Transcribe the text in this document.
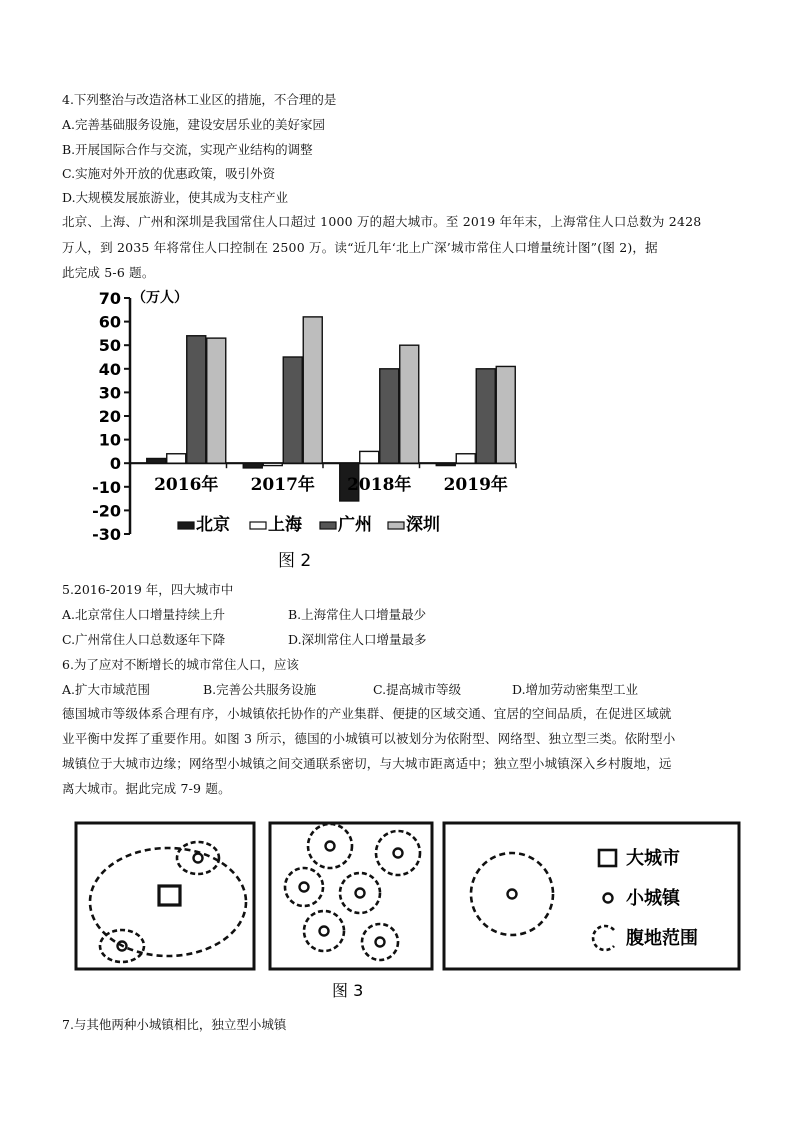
4.下列整治与改造洛林工业区的措施，不合理的是
A.完善基础服务设施，建设安居乐业的美好家园
B.开展国际合作与交流，实现产业结构的调整
C.实施对外开放的优惠政策，吸引外资
D.大规模发展旅游业，使其成为支柱产业
北京、上海、广州和深圳是我国常住人口超过 1000 万的超大城市。至 2019 年年末，上海常住人口总数为 2428
万人，到 2035 年将常住人口控制在 2500 万。读“近几年‘北上广深’城市常住人口增量统计图”(图 2)，据
此完成 5-6 题。
70
60
50
40
30
20
10
0
-10
-20
-30
2016年 2017年 2018年 2019年
（万人）
北京 上海 广州 深圳
图 2
5.2016-2019 年，四大城市中
A.北京常住人口增量持续上升	B.上海常住人口增量最少
C.广州常住人口总数逐年下降	D.深圳常住人口增量最多
6.为了应对不断增长的城市常住人口，应该
A.扩大市域范围	B.完善公共服务设施	C.提高城市等级	D.增加劳动密集型工业
德国城市等级体系合理有序，小城镇依托协作的产业集群、便捷的区域交通、宜居的空间品质，在促进区域就
业平衡中发挥了重要作用。如图 3 所示，德国的小城镇可以被划分为依附型、网络型、独立型三类。依附型小
城镇位于大城市边缘；网络型小城镇之间交通联系密切，与大城市距离适中；独立型小城镇深入乡村腹地，远
离大城市。据此完成 7-9 题。
大城市
小城镇
腹地范围
图 3
7.与其他两种小城镇相比，独立型小城镇
